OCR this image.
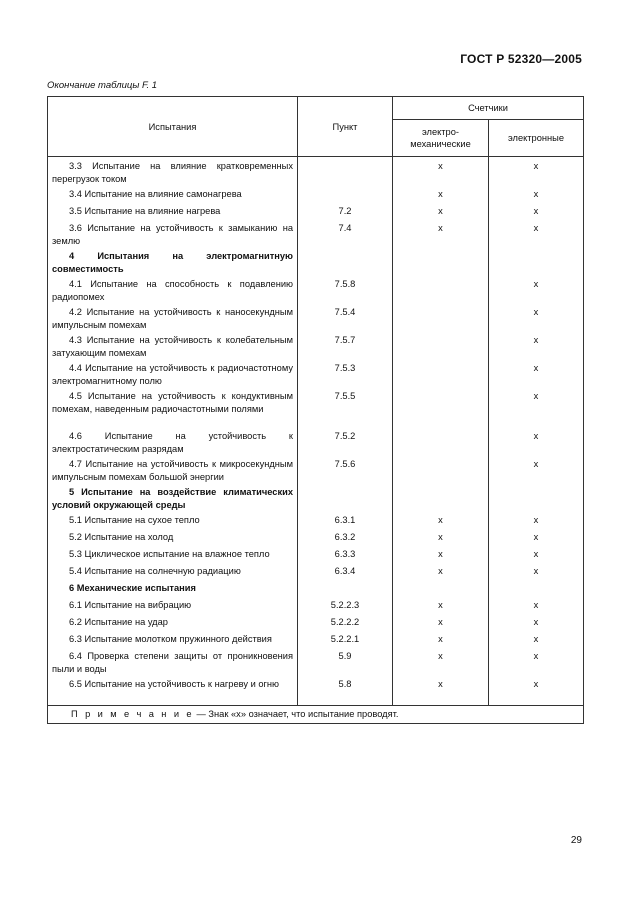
ГОСТ Р 52320—2005
Окончание таблицы F. 1
Испытания	Пункт	Счетчики	
		электро-механические	электронные

3.3 Испытание на влияние кратковременных перегрузок током		x	x

3.4 Испытание на влияние самонагрева		x	x

3.5 Испытание на влияние нагрева	7.2	x	x

3.6 Испытание на устойчивость к замыканию на землю	7.4	x	x

4 Испытания на электромагнитную совместимость			

4.1 Испытание на способность к подавлению радиопомех	7.5.8		x

4.2 Испытание на устойчивость к наносекундным импульсным помехам	7.5.4		x

4.3 Испытание на устойчивость к колебательным затухающим помехам	7.5.7		x

4.4 Испытание на устойчивость к радиочастотному электромагнитному полю	7.5.3		x

4.5 Испытание на устойчивость к кондуктивным помехам, наведенным радиочастотными полями	7.5.5		x

4.6 Испытание на устойчивость к электростатическим разрядам	7.5.2		x

4.7 Испытание на устойчивость к микросекундным импульсным помехам большой энергии	7.5.6		x

5 Испытание на воздействие климатических условий окружающей среды			

5.1 Испытание на сухое тепло	6.3.1	x	x

5.2 Испытание на холод	6.3.2	x	x

5.3 Циклическое испытание на влажное тепло	6.3.3	x	x

5.4 Испытание на солнечную радиацию	6.3.4	x	x

6 Механические испытания			

6.1 Испытание на вибрацию	5.2.2.3	x	x

6.2 Испытание на удар	5.2.2.2	x	x

6.3 Испытание молотком пружинного действия	5.2.2.1	x	x

6.4 Проверка степени защиты от проникновения пыли и воды	5.9	x	x

6.5 Испытание на устойчивость к нагреву и огню	5.8	x	x

П р и м е ч а н и е — Знак «х» означает, что испытание проводят.			
29
